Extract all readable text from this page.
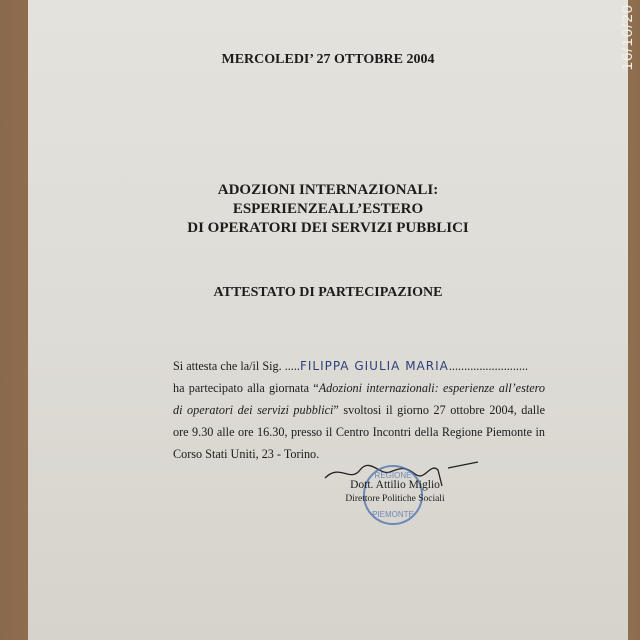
MERCOLEDI’ 27 OTTOBRE 2004
ADOZIONI INTERNAZIONALI:
ESPERIENZEALL’ESTERO
DI OPERATORI DEI SERVIZI PUBBLICI
ATTESTATO DI PARTECIPAZIONE
Si attesta che la/il Sig. .....FILIPPA GIULIA MARIA..........................
ha partecipato alla giornata “Adozioni internazionali: esperienze all’estero di operatori dei servizi pubblici” svoltosi il giorno 27 ottobre 2004, dalle ore 9.30 alle ore 16.30, presso il Centro Incontri della Regione Piemonte in Corso Stati Uniti, 23 - Torino.
REGIONE
PIEMONTE
Dott. Attilio Miglio
Direttore Politiche Sociali
16/10/20
